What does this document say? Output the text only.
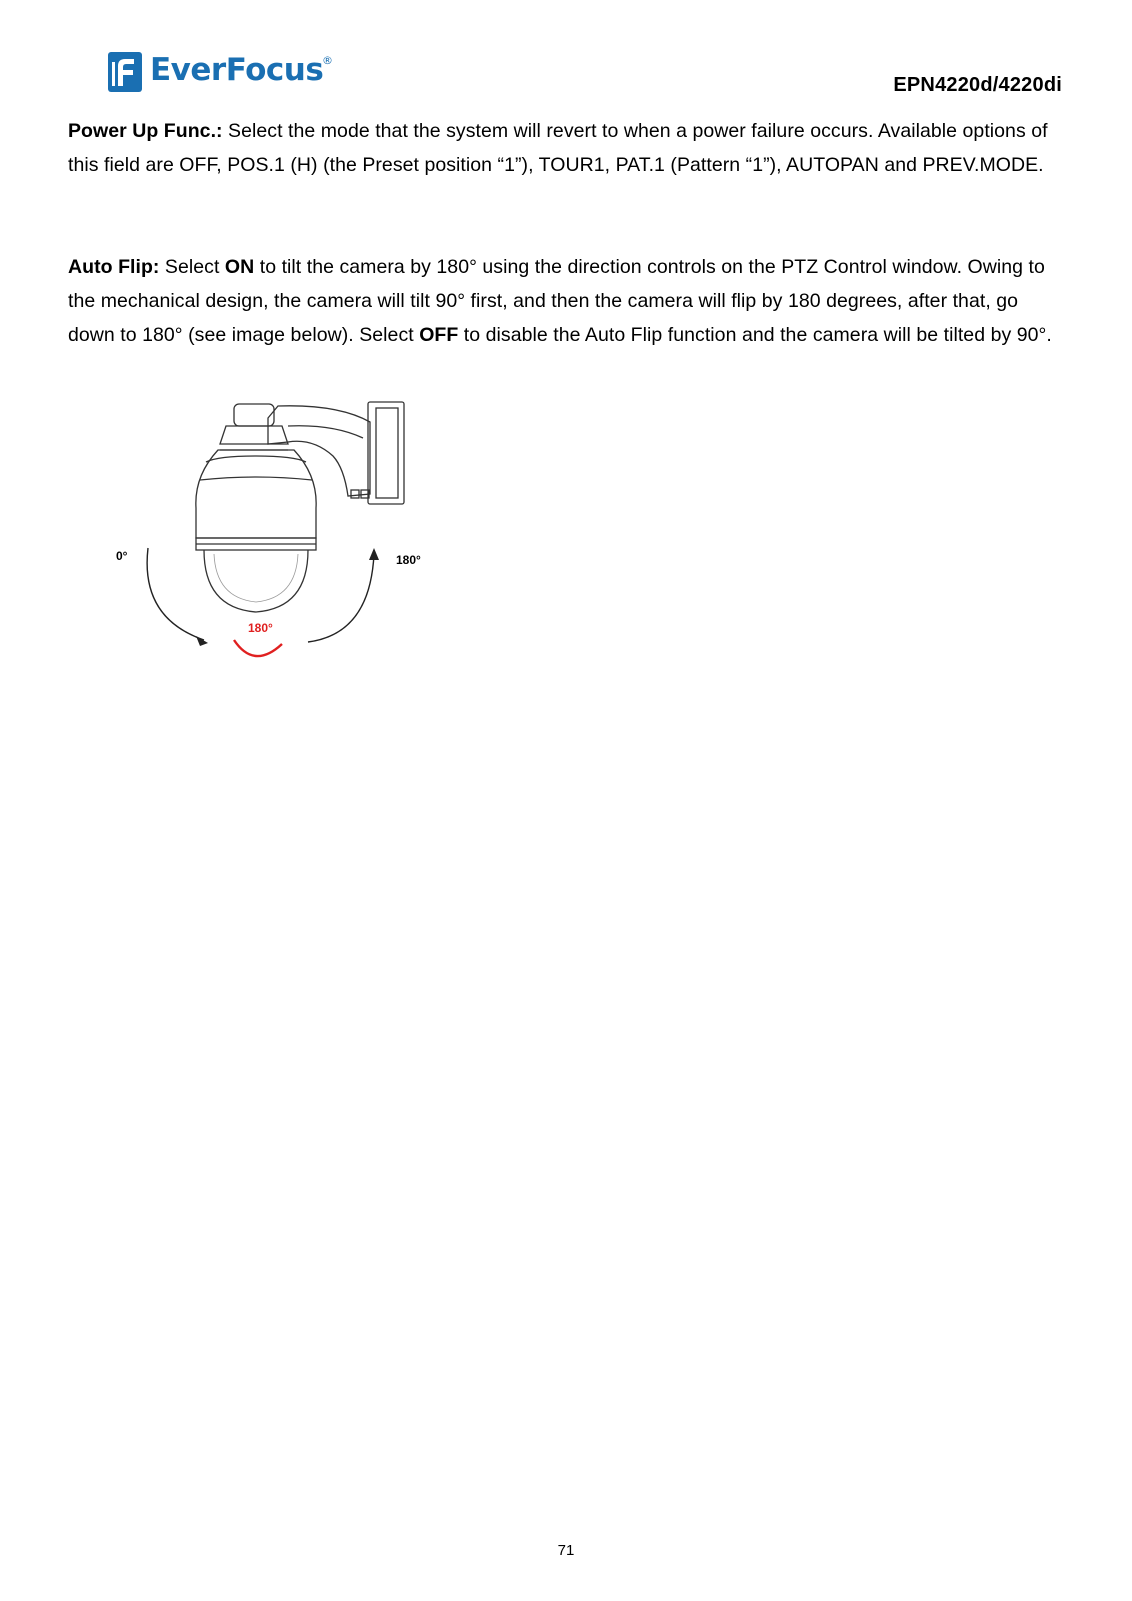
EverFocus
®
EPN4220d/4220di

Power Up Func.: Select the mode that the system will revert to when a power failure occurs. Available options of this field are OFF, POS.1 (H) (the Preset position “1”), TOUR1, PAT.1 (Pattern “1”), AUTOPAN and PREV.MODE.

Auto Flip: Select ON to tilt the camera by 180° using the direction controls on the PTZ Control window. Owing to the mechanical design, the camera will tilt 90° first, and then the camera will flip by 180 degrees, after that, go down to 180° (see image below). Select OFF to disable the Auto Flip function and the camera will be tilted by 90°.

0°	180°
180°
71
